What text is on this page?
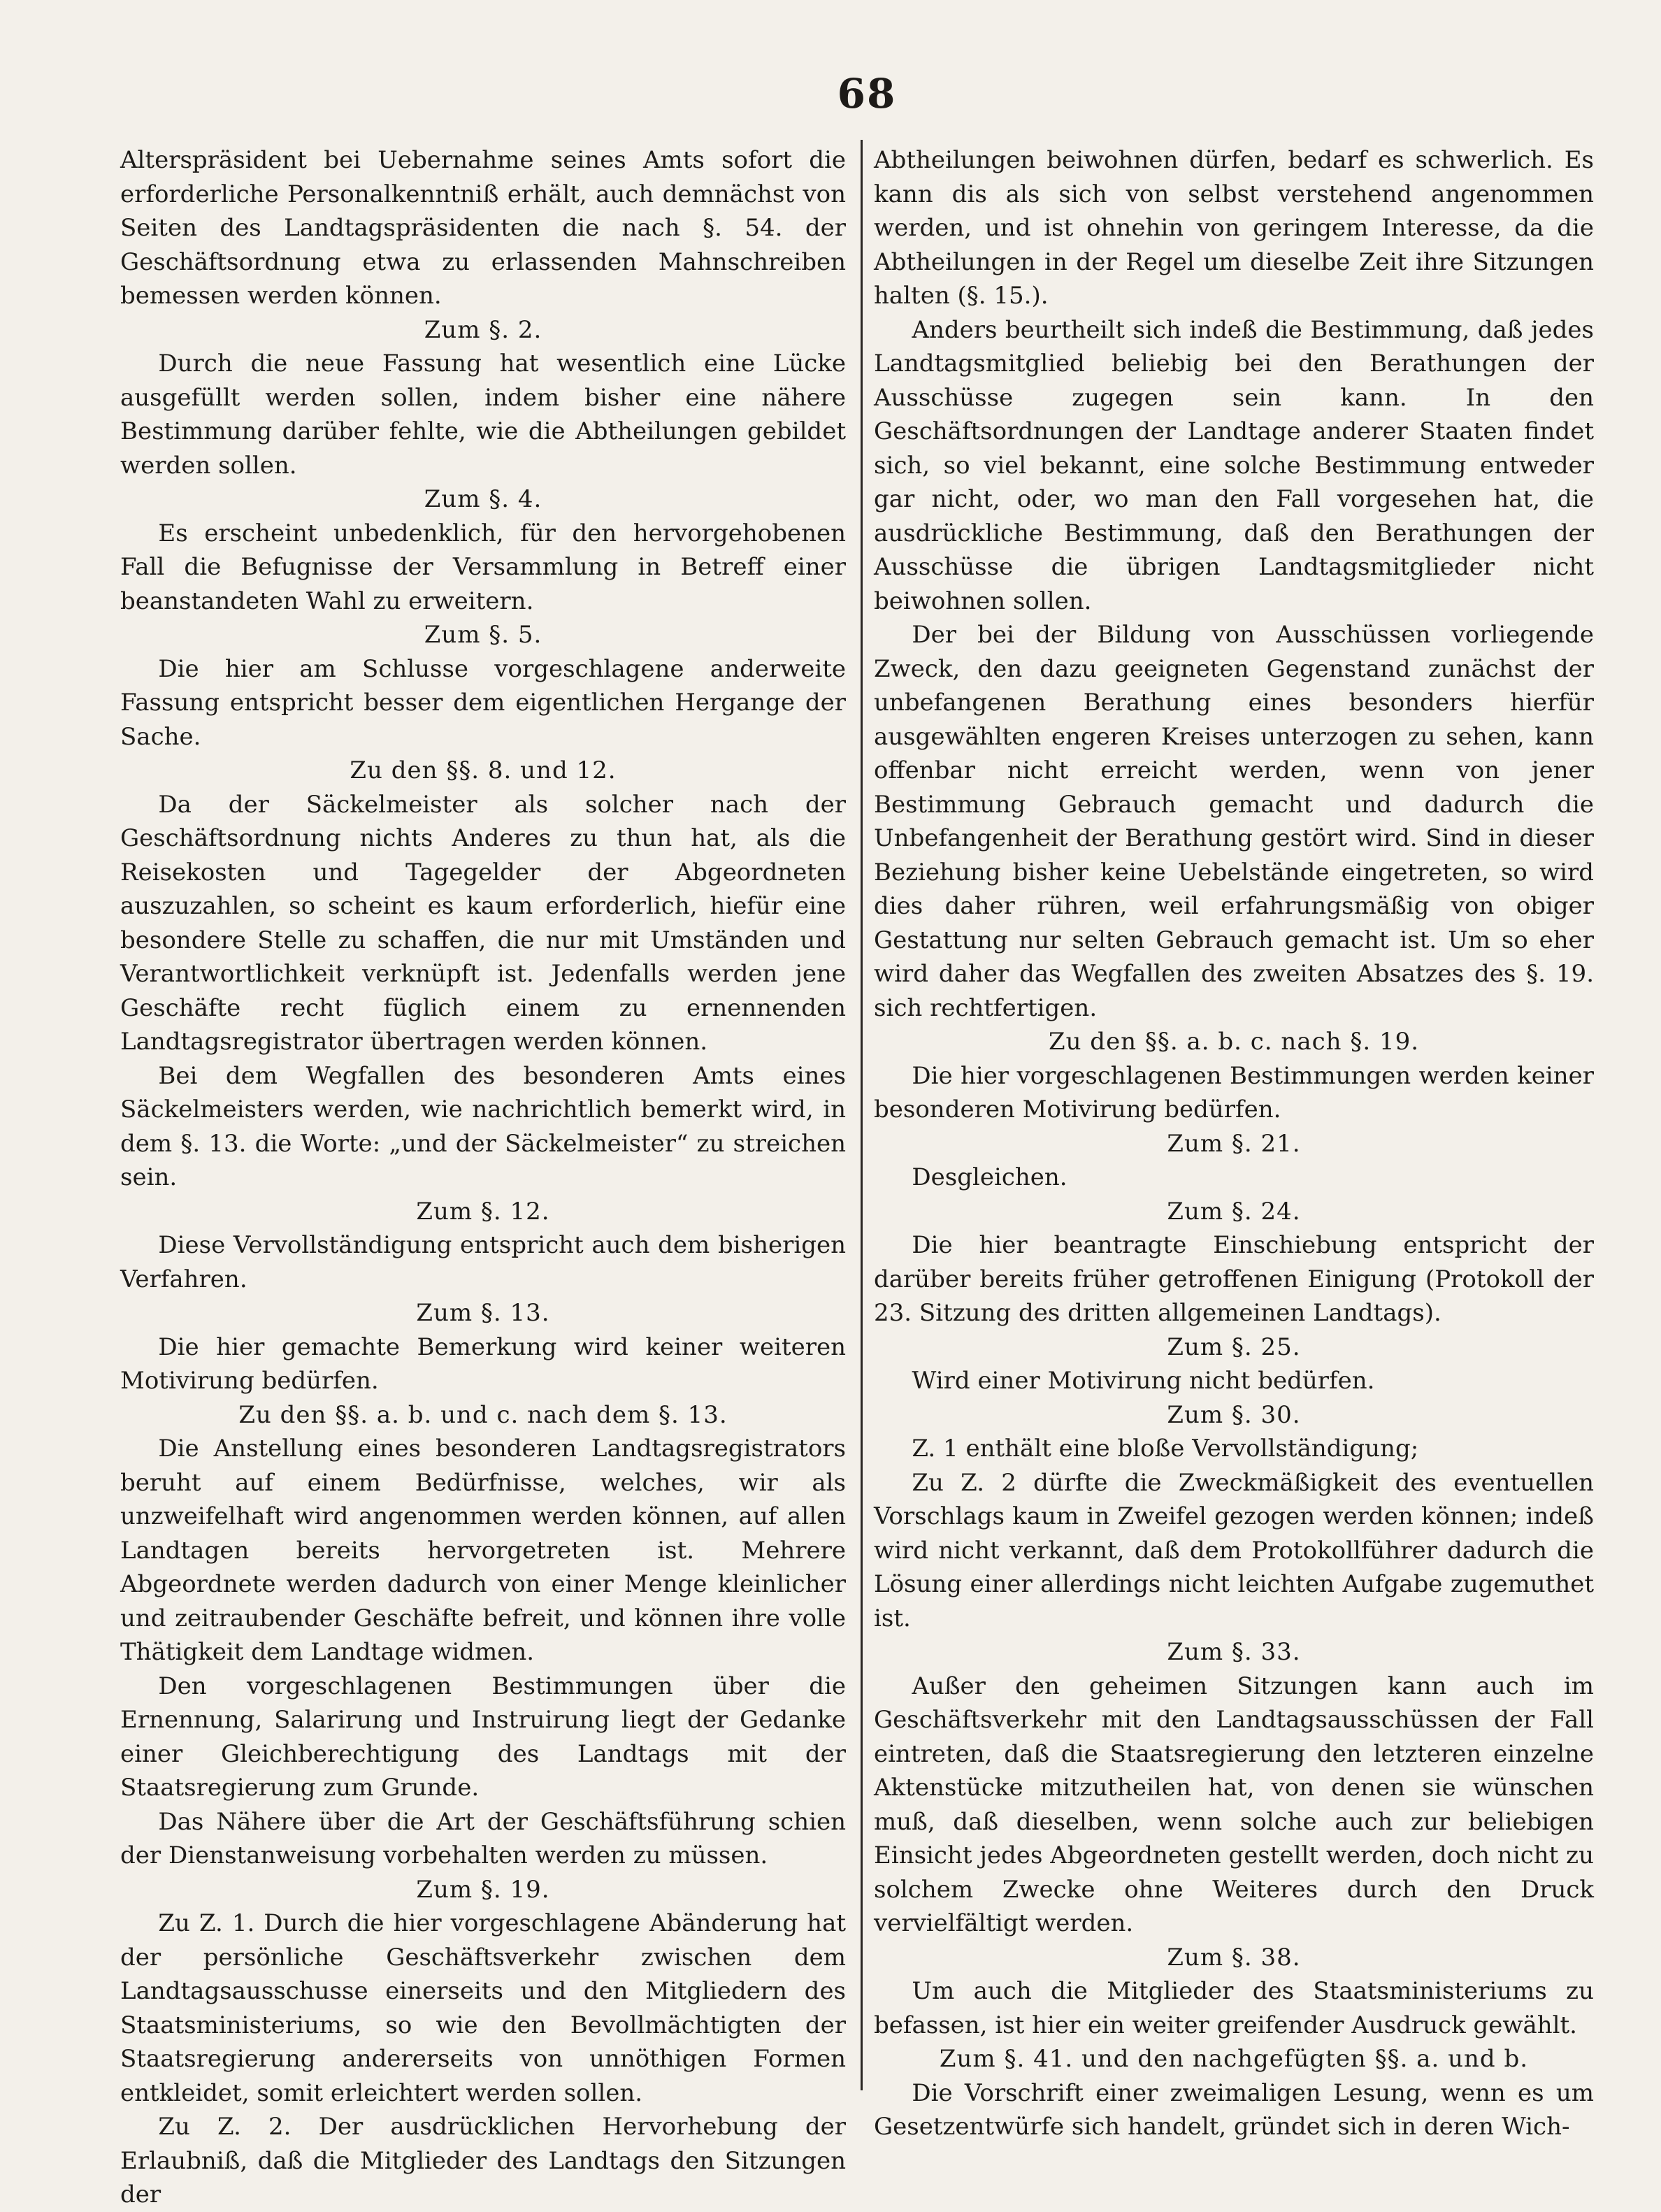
68

Alterspräsident bei Uebernahme seines Amts sofort die erforderliche Personalkenntniß erhält, auch demnächst von Seiten des Landtagspräsidenten die nach §. 54. der Geschäftsordnung etwa zu erlassenden Mahnschreiben bemessen werden können.

Zum §. 2.

Durch die neue Fassung hat wesentlich eine Lücke ausgefüllt werden sollen, indem bisher eine nähere Bestimmung darüber fehlte, wie die Abtheilungen gebildet werden sollen.

Zum §. 4.

Es erscheint unbedenklich, für den hervorgehobenen Fall die Befugnisse der Versammlung in Betreff einer beanstandeten Wahl zu erweitern.

Zum §. 5.

Die hier am Schlusse vorgeschlagene anderweite Fassung entspricht besser dem eigentlichen Hergange der Sache.

Zu den §§. 8. und 12.

Da der Säckelmeister als solcher nach der Geschäftsordnung nichts Anderes zu thun hat, als die Reisekosten und Tagegelder der Abgeordneten auszuzahlen, so scheint es kaum erforderlich, hiefür eine besondere Stelle zu schaffen, die nur mit Umständen und Verantwortlichkeit verknüpft ist. Jedenfalls werden jene Geschäfte recht füglich einem zu ernennenden Landtagsregistrator übertragen werden können.

Bei dem Wegfallen des besonderen Amts eines Säckelmeisters werden, wie nachrichtlich bemerkt wird, in dem §. 13. die Worte: „und der Säckelmeister“ zu streichen sein.

Zum §. 12.

Diese Vervollständigung entspricht auch dem bisherigen Verfahren.

Zum §. 13.

Die hier gemachte Bemerkung wird keiner weiteren Motivirung bedürfen.

Zu den §§. a. b. und c. nach dem §. 13.

Die Anstellung eines besonderen Landtagsregistrators beruht auf einem Bedürfnisse, welches, wir als unzweifelhaft wird angenommen werden können, auf allen Landtagen bereits hervorgetreten ist. Mehrere Abgeordnete werden dadurch von einer Menge kleinlicher und zeitraubender Geschäfte befreit, und können ihre volle Thätigkeit dem Landtage widmen.

Den vorgeschlagenen Bestimmungen über die Ernennung, Salarirung und Instruirung liegt der Gedanke einer Gleichberechtigung des Landtags mit der Staatsregierung zum Grunde.

Das Nähere über die Art der Geschäftsführung schien der Dienstanweisung vorbehalten werden zu müssen.

Zum §. 19.

Zu Z. 1. Durch die hier vorgeschlagene Abänderung hat der persönliche Geschäftsverkehr zwischen dem Landtagsausschusse einerseits und den Mitgliedern des Staatsministeriums, so wie den Bevollmächtigten der Staatsregierung andererseits von unnöthigen Formen entkleidet, somit erleichtert werden sollen.

Zu Z. 2. Der ausdrücklichen Hervorhebung der Erlaubniß, daß die Mitglieder des Landtags den Sitzungen der

Abtheilungen beiwohnen dürfen, bedarf es schwerlich. Es kann dis als sich von selbst verstehend angenommen werden, und ist ohnehin von geringem Interesse, da die Abtheilungen in der Regel um dieselbe Zeit ihre Sitzungen halten (§. 15.).

Anders beurtheilt sich indeß die Bestimmung, daß jedes Landtagsmitglied beliebig bei den Berathungen der Ausschüsse zugegen sein kann. In den Geschäftsordnungen der Landtage anderer Staaten findet sich, so viel bekannt, eine solche Bestimmung entweder gar nicht, oder, wo man den Fall vorgesehen hat, die ausdrückliche Bestimmung, daß den Berathungen der Ausschüsse die übrigen Landtagsmitglieder nicht beiwohnen sollen.

Der bei der Bildung von Ausschüssen vorliegende Zweck, den dazu geeigneten Gegenstand zunächst der unbefangenen Berathung eines besonders hierfür ausgewählten engeren Kreises unterzogen zu sehen, kann offenbar nicht erreicht werden, wenn von jener Bestimmung Gebrauch gemacht und dadurch die Unbefangenheit der Berathung gestört wird. Sind in dieser Beziehung bisher keine Uebelstände eingetreten, so wird dies daher rühren, weil erfahrungsmäßig von obiger Gestattung nur selten Gebrauch gemacht ist. Um so eher wird daher das Wegfallen des zweiten Absatzes des §. 19. sich rechtfertigen.

Zu den §§. a. b. c. nach §. 19.

Die hier vorgeschlagenen Bestimmungen werden keiner besonderen Motivirung bedürfen.

Zum §. 21.

Desgleichen.

Zum §. 24.

Die hier beantragte Einschiebung entspricht der darüber bereits früher getroffenen Einigung (Protokoll der 23. Sitzung des dritten allgemeinen Landtags).

Zum §. 25.

Wird einer Motivirung nicht bedürfen.

Zum §. 30.

Z. 1 enthält eine bloße Vervollständigung;

Zu Z. 2 dürfte die Zweckmäßigkeit des eventuellen Vorschlags kaum in Zweifel gezogen werden können; indeß wird nicht verkannt, daß dem Protokollführer dadurch die Lösung einer allerdings nicht leichten Aufgabe zugemuthet ist.

Zum §. 33.

Außer den geheimen Sitzungen kann auch im Geschäftsverkehr mit den Landtagsausschüssen der Fall eintreten, daß die Staatsregierung den letzteren einzelne Aktenstücke mitzutheilen hat, von denen sie wünschen muß, daß dieselben, wenn solche auch zur beliebigen Einsicht jedes Abgeordneten gestellt werden, doch nicht zu solchem Zwecke ohne Weiteres durch den Druck vervielfältigt werden.

Zum §. 38.

Um auch die Mitglieder des Staatsministeriums zu befassen, ist hier ein weiter greifender Ausdruck gewählt.

Zum §. 41. und den nachgefügten §§. a. und b.

Die Vorschrift einer zweimaligen Lesung, wenn es um Gesetzentwürfe sich handelt, gründet sich in deren Wich-
